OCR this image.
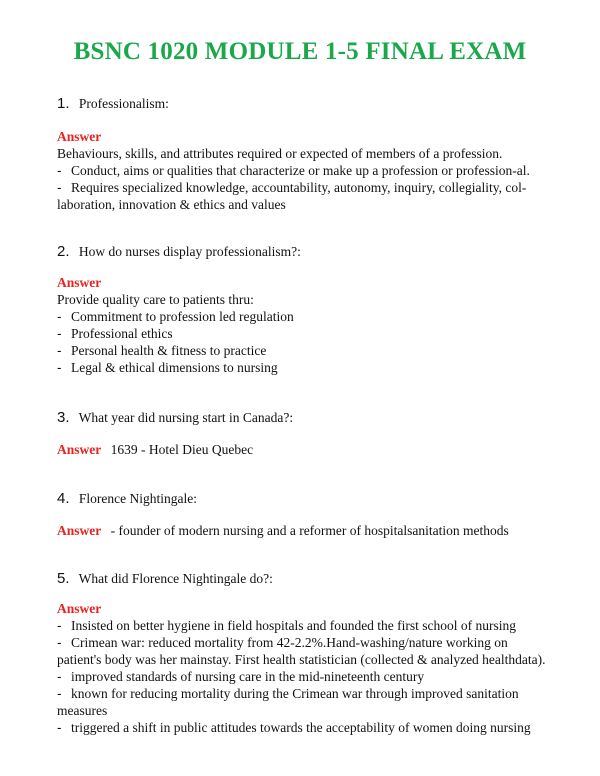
BSNC 1020 MODULE 1-5 FINAL EXAM
1. Professionalism:
Answer
Behaviours, skills, and attributes required or expected of members of a profession.
- Conduct, aims or qualities that characterize or make up a profession or profession-al.
- Requires specialized knowledge, accountability, autonomy, inquiry, collegiality, col-
laboration, innovation & ethics and values
2. How do nurses display professionalism?:
Answer
Provide quality care to patients thru:
- Commitment to profession led regulation
- Professional ethics
- Personal health & fitness to practice
- Legal & ethical dimensions to nursing
3. What year did nursing start in Canada?:
Answer 1639 - Hotel Dieu Quebec
4. Florence Nightingale:
Answer - founder of modern nursing and a reformer of hospitalsanitation methods
5. What did Florence Nightingale do?:
Answer
- Insisted on better hygiene in field hospitals and founded the first school of nursing
- Crimean war: reduced mortality from 42-2.2%.Hand-washing/nature working on
patient's body was her mainstay. First health statistician (collected & analyzed healthdata).
- improved standards of nursing care in the mid-nineteenth century
- known for reducing mortality during the Crimean war through improved sanitation
measures
- triggered a shift in public attitudes towards the acceptability of women doing nursing
